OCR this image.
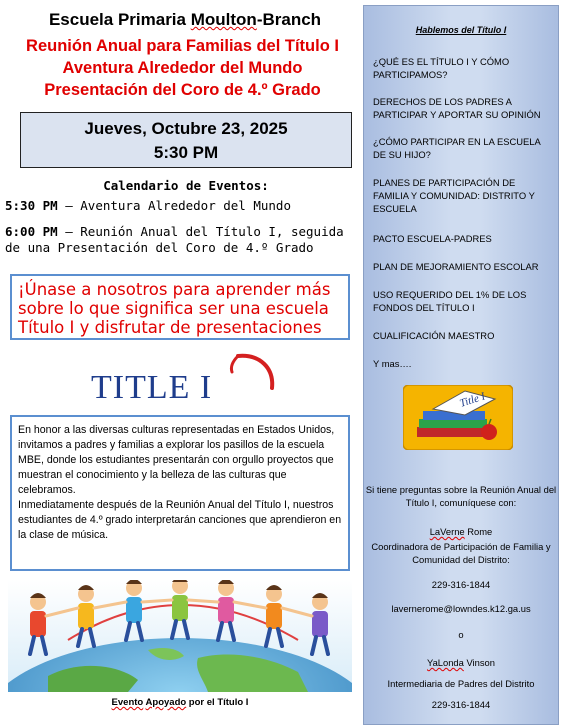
Escuela Primaria Moulton-Branch
Reunión Anual para Familias del Título I
Aventura Alrededor del Mundo
Presentación del Coro de 4.º Grado
Jueves, Octubre 23, 2025
5:30 PM
Calendario de Eventos:
5:30 PM – Aventura Alrededor del Mundo
6:00 PM – Reunión Anual del Título I, seguida de una Presentación del Coro de 4.º Grado
¡Únase a nosotros para aprender más sobre lo que significa ser una escuela Título I y disfrutar de presentaciones
TITLE I
En honor a las diversas culturas representadas en Estados Unidos, invitamos a padres y familias a explorar los pasillos de la escuela MBE, donde los estudiantes presentarán con orgullo proyectos que muestran el conocimiento y la belleza de las culturas que celebramos.
Inmediatamente después de la Reunión Anual del Título I, nuestros estudiantes de 4.º grado interpretarán canciones que aprendieron en la clase de música.
Evento Apoyado por el Título I
Hablemos del Título I
¿QUÉ ES EL TÍTULO I Y CÓMO PARTICIPAMOS?
DERECHOS DE LOS PADRES A PARTICIPAR Y APORTAR SU OPINIÓN
¿CÓMO PARTICIPAR EN LA ESCUELA DE SU HIJO?
PLANES DE PARTICIPACIÓN DE FAMILIA Y COMUNIDAD: DISTRITO Y ESCUELA
PACTO ESCUELA-PADRES
PLAN DE MEJORAMIENTO ESCOLAR
USO REQUERIDO DEL 1% DE LOS FONDOS DEL TÍTULO I
CUALIFICACIÓN MAESTRO
Y mas….
Title I
Si tiene preguntas sobre la Reunión Anual del Título I, comuníquese con:
LaVerne Rome
Coordinadora de Participación de Familia y Comunidad del Distrito:
229-316-1844
lavernerome@lowndes.k12.ga.us
o
YaLonda Vinson
Intermediaria de Padres del Distrito
229-316-1844
